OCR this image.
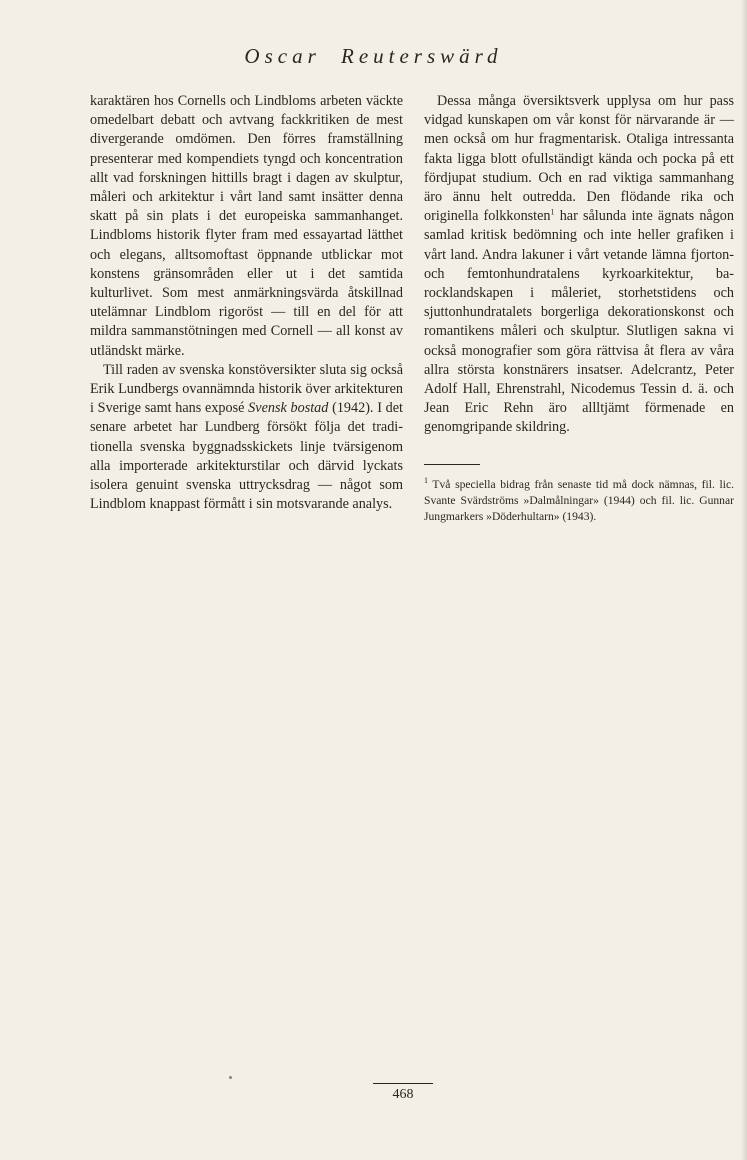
Oscar Reuterswärd

karaktären hos Cornells och Lindbloms arbeten väckte omedelbart debatt och avtvang fackkritiken de mest divergerande omdömen. Den förres framställning presenterar med kompendiets tyngd och koncentration allt vad forskningen hittills bragt i dagen av skulptur, måleri och arkitektur i vårt land samt insätter denna skatt på sin plats i det europeiska sammanhanget. Lindbloms historik flyter fram med essayartad lätthet och elegans, alltsomoftast öppnande utblickar mot konstens gränsområden eller ut i det samtida kulturlivet. Som mest anmärkningsvärda åtskillnad utelämnar Lindblom rigoröst — till en del för att mildra sammanstötningen med Cornell — all konst av utländskt märke.

Till raden av svenska konstöversikter sluta sig också Erik Lundbergs ovannämnda historik över arkitekturen i Sverige samt hans exposé Svensk bostad (1942). I det senare arbetet har Lundberg försökt följa det traditionella svenska byggnadsskickets linje tvärsigenom alla importerade arkitekturstilar och därvid lyckats isolera genuint svenska uttrycksdrag — något som Lindblom knappast förmått i sin motsvarande analys.

Dessa många översiktsverk upplysa om hur pass vidgad kunskapen om vår konst för närvarande är — men också om hur fragmentarisk. Otaliga intressanta fakta ligga blott ofullständigt kända och pocka på ett fördjupat studium. Och en rad viktiga sammanhang äro ännu helt outredda. Den flödande rika och originella folkkonsten$^1$ har sålunda inte ägnats någon samlad kritisk bedömning och inte heller grafiken i vårt land. Andra lakuner i vårt vetande lämna fjorton- och femtonhundratalens kyrkoarkitektur, barocklandskapen i måleriet, storhetstidens och sjuttonhundratalets borgerliga dekorationskonst och romantikens måleri och skulptur. Slutligen sakna vi också monografier som göra rättvisa åt flera av våra allra största konstnärers insatser. Adelcrantz, Peter Adolf Hall, Ehrenstrahl, Nicodemus Tessin d. ä. och Jean Eric Rehn äro allltjämt förmenade en genomgripande skildring.

$^1$ Två speciella bidrag från senaste tid må dock nämnas, fil. lic. Svante Svärdströms »Dalmålningar» (1944) och fil. lic. Gunnar Jungmarkers »Döderhultarn» (1943).

468
